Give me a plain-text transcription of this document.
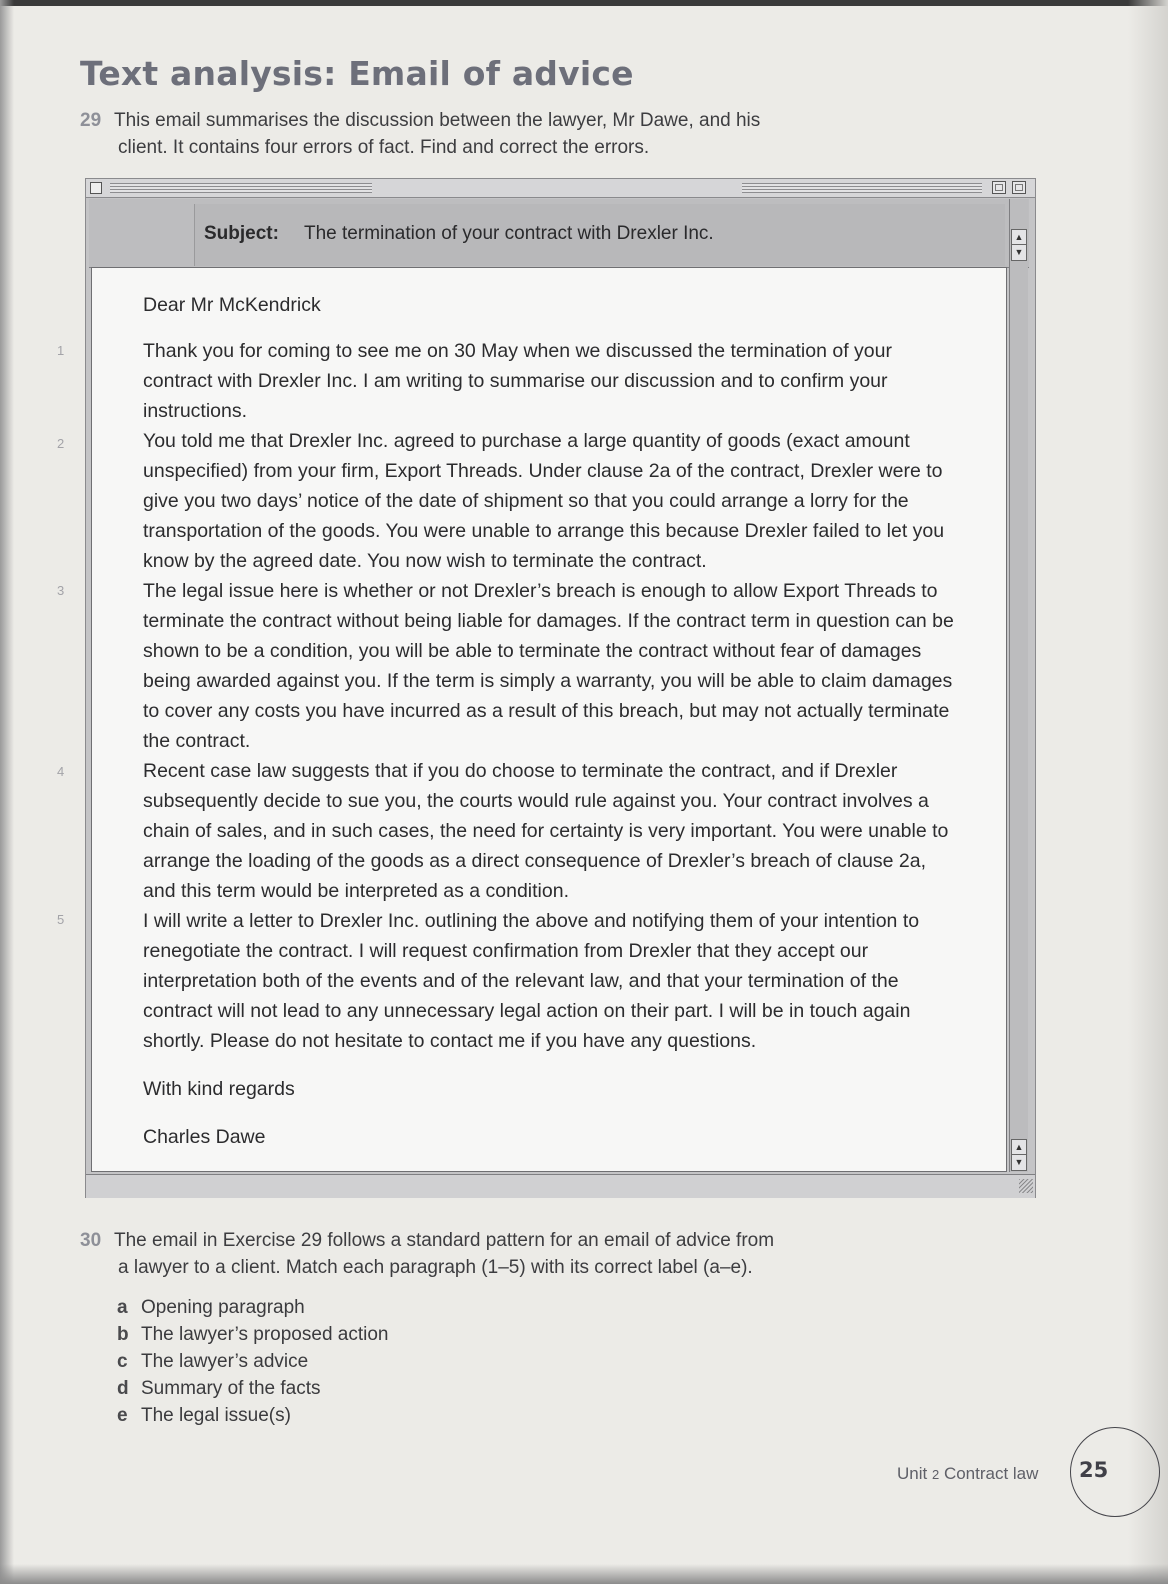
Text analysis: Email of advice
29 This email summarises the discussion between the lawyer, Mr Dawe, and his
client. It contains four errors of fact. Find and correct the errors.
Subject: The termination of your contract with Drexler Inc.

Dear Mr McKendrick

Thank you for coming to see me on 30 May when we discussed the termination of your contract with Drexler Inc. I am writing to summarise our discussion and to confirm your instructions.

You told me that Drexler Inc. agreed to purchase a large quantity of goods (exact amount unspecified) from your firm, Export Threads. Under clause 2a of the contract, Drexler were to give you two days’ notice of the date of shipment so that you could arrange a lorry for the transportation of the goods. You were unable to arrange this because Drexler failed to let you know by the agreed date. You now wish to terminate the contract.

The legal issue here is whether or not Drexler’s breach is enough to allow Export Threads to terminate the contract without being liable for damages. If the contract term in question can be shown to be a condition, you will be able to terminate the contract without fear of damages being awarded against you. If the term is simply a warranty, you will be able to claim damages to cover any costs you have incurred as a result of this breach, but may not actually terminate the contract.

Recent case law suggests that if you do choose to terminate the contract, and if Drexler subsequently decide to sue you, the courts would rule against you. Your contract involves a chain of sales, and in such cases, the need for certainty is very important. You were unable to arrange the loading of the goods as a direct consequence of Drexler’s breach of clause 2a, and this term would be interpreted as a condition.

I will write a letter to Drexler Inc. outlining the above and notifying them of your intention to renegotiate the contract. I will request confirmation from Drexler that they accept our interpretation both of the events and of the relevant law, and that your termination of the contract will not lead to any unnecessary legal action on their part. I will be in touch again shortly. Please do not hesitate to contact me if you have any questions.

With kind regards

Charles Dawe

▲
▼
▲
▼
1
2
3
4
5
30 The email in Exercise 29 follows a standard pattern for an email of advice from
a lawyer to a client. Match each paragraph (1–5) with its correct label (a–e).
a Opening paragraph
b The lawyer’s proposed action
c The lawyer’s advice
d Summary of the facts
e The legal issue(s)
Unit 2 Contract law 25
